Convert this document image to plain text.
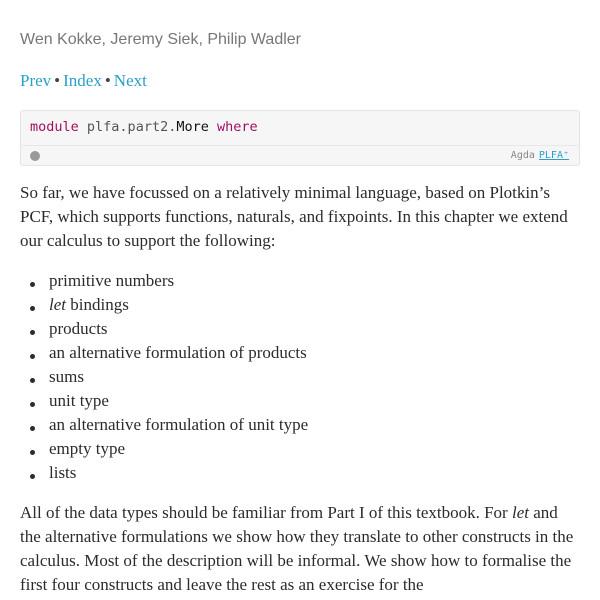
Wen Kokke, Jeremy Siek, Philip Wadler
Prev • Index • Next
module plfa.part2.More where
Agda PLFA⁺

So far, we have focussed on a relatively minimal language, based on Plotkin’s PCF, which supports functions, naturals, and fixpoints. In this chapter we extend our calculus to support the following:

primitive numbers
let bindings
products
an alternative formulation of products
sums
unit type
an alternative formulation of unit type
empty type
lists

All of the data types should be familiar from Part I of this textbook. For let and the alternative formulations we show how they translate to other constructs in the calculus. Most of the description will be informal. We show how to formalise the first four constructs and leave the rest as an exercise for the
